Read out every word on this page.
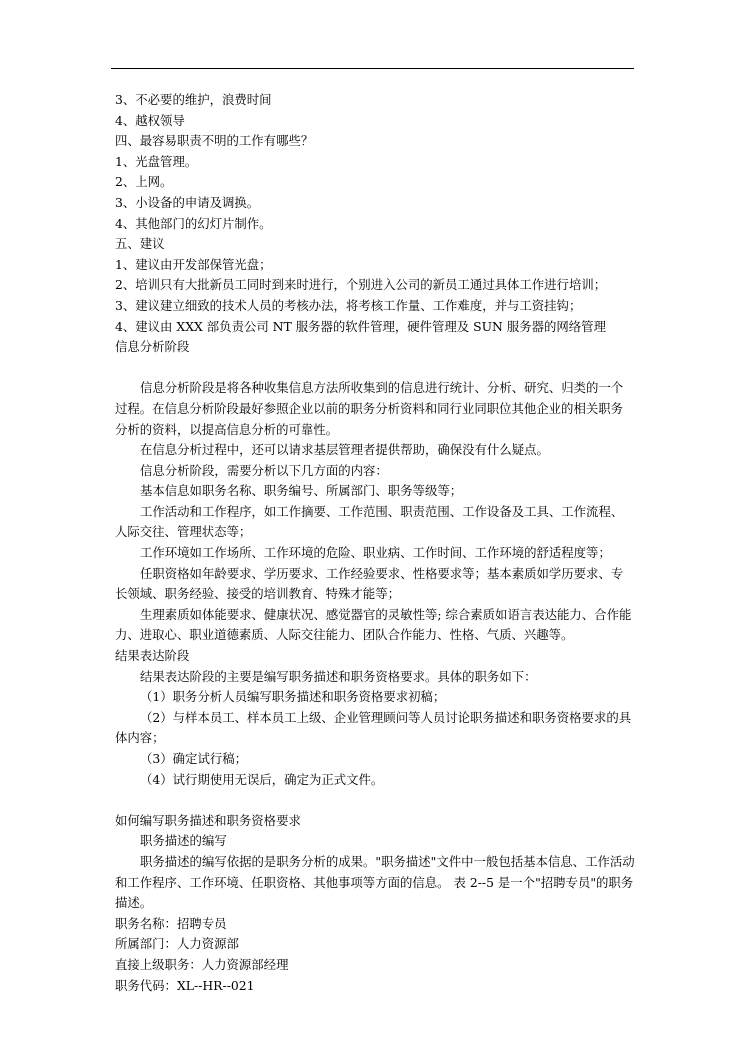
3、不必要的维护，浪费时间
4、越权领导
四、最容易职责不明的工作有哪些？
1、光盘管理。
2、上网。
3、小设备的申请及调换。
4、其他部门的幻灯片制作。
五、建议
1、建议由开发部保管光盘；
2、培训只有大批新员工同时到来时进行，个别进入公司的新员工通过具体工作进行培训；
3、建议建立细致的技术人员的考核办法，将考核工作量、工作难度，并与工资挂钩；
4、建议由 XXX 部负责公司 NT 服务器的软件管理，硬件管理及 SUN 服务器的网络管理
信息分析阶段
信息分析阶段是将各种收集信息方法所收集到的信息进行统计、分析、研究、归类的一个过程。在信息分析阶段最好参照企业以前的职务分析资料和同行业同职位其他企业的相关职务分析的资料，以提高信息分析的可靠性。
在信息分析过程中，还可以请求基层管理者提供帮助，确保没有什么疑点。
信息分析阶段，需要分析以下几方面的内容：
基本信息如职务名称、职务编号、所属部门、职务等级等；
工作活动和工作程序，如工作摘要、工作范围、职责范围、工作设备及工具、工作流程、人际交往、管理状态等；
工作环境如工作场所、工作环境的危险、职业病、工作时间、工作环境的舒适程度等；
任职资格如年龄要求、学历要求、工作经验要求、性格要求等；基本素质如学历要求、专长领域、职务经验、接受的培训教育、特殊才能等；
生理素质如体能要求、健康状况、感觉器官的灵敏性等; 综合素质如语言表达能力、合作能力、进取心、职业道德素质、人际交往能力、团队合作能力、性格、气质、兴趣等。
结果表达阶段
结果表达阶段的主要是编写职务描述和职务资格要求。具体的职务如下：
（1）职务分析人员编写职务描述和职务资格要求初稿；
（2）与样本员工、样本员工上级、企业管理顾问等人员讨论职务描述和职务资格要求的具体内容；
（3）确定试行稿；
（4）试行期使用无误后，确定为正式文件。
如何编写职务描述和职务资格要求
职务描述的编写
职务描述的编写依据的是职务分析的成果。"职务描述"文件中一般包括基本信息、工作活动和工作程序、工作环境、任职资格、其他事项等方面的信息。 表 2--5 是一个"招聘专员"的职务描述。
职务名称：招聘专员
所属部门：人力资源部
直接上级职务：人力资源部经理
职务代码：XL--HR--021
